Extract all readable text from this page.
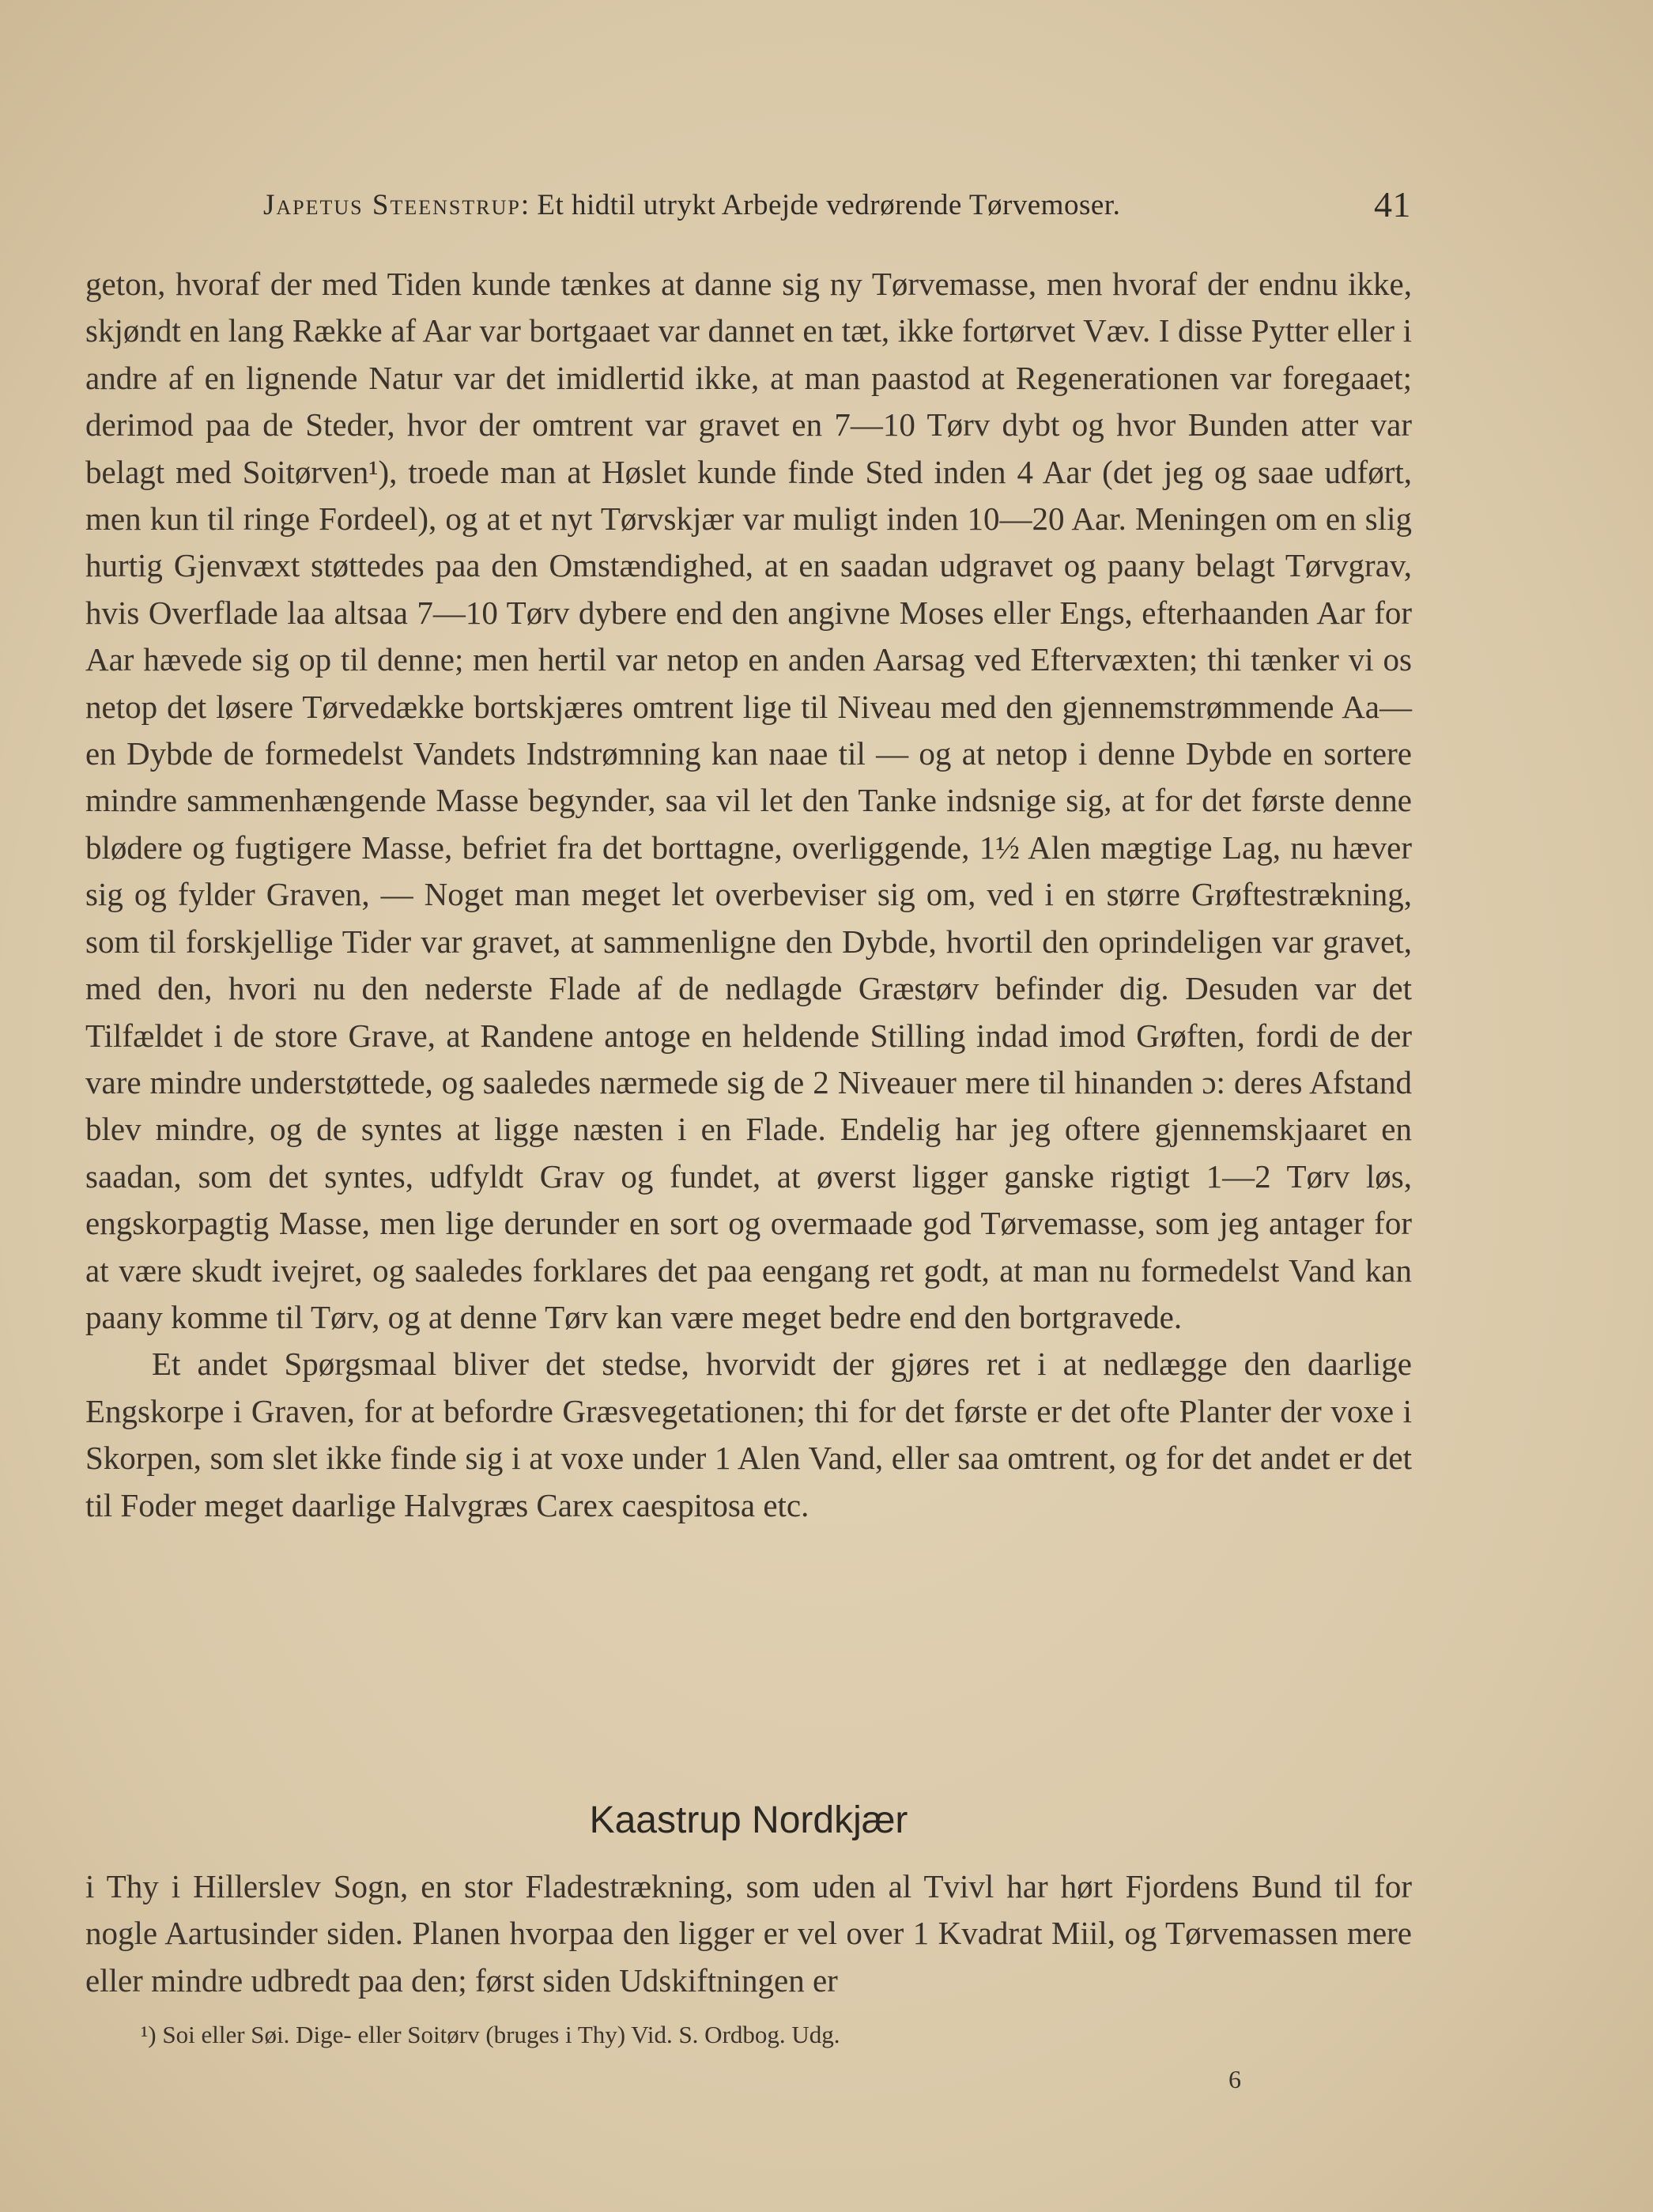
Japetus Steenstrup: Et hidtil utrykt Arbejde vedrørende Tørvemoser.	41

geton, hvoraf der med Tiden kunde tænkes at danne sig ny Tørvemasse, men hvoraf der endnu ikke, skjøndt en lang Række af Aar var bortgaaet var dannet en tæt, ikke fortørvet Væv. I disse Pytter eller i andre af en lignende Natur var det imidlertid ikke, at man paastod at Regenerationen var foregaaet; derimod paa de Steder, hvor der omtrent var gravet en 7—10 Tørv dybt og hvor Bunden atter var belagt med Soitørven¹), troede man at Høslet kunde finde Sted inden 4 Aar (det jeg og saae udført, men kun til ringe Fordeel), og at et nyt Tørvskjær var muligt inden 10—20 Aar. Meningen om en slig hurtig Gjenvæxt støttedes paa den Omstændighed, at en saadan udgravet og paany belagt Tørvgrav, hvis Overflade laa altsaa 7—10 Tørv dybere end den angivne Moses eller Engs, efterhaanden Aar for Aar hævede sig op til denne; men hertil var netop en anden Aarsag ved Eftervæxten; thi tænker vi os netop det løsere Tørvedække bortskjæres omtrent lige til Niveau med den gjennemstrømmende Aa— en Dybde de formedelst Vandets Indstrømning kan naae til — og at netop i denne Dybde en sortere mindre sammenhængende Masse begynder, saa vil let den Tanke indsnige sig, at for det første denne blødere og fugtigere Masse, befriet fra det borttagne, overliggende, 1½ Alen mægtige Lag, nu hæver sig og fylder Graven, — Noget man meget let overbeviser sig om, ved i en større Grøftestrækning, som til forskjellige Tider var gravet, at sammenligne den Dybde, hvortil den oprindeligen var gravet, med den, hvori nu den nederste Flade af de nedlagde Græstørv befinder dig. Desuden var det Tilfældet i de store Grave, at Randene antoge en heldende Stilling indad imod Grøften, fordi de der vare mindre understøttede, og saaledes nærmede sig de 2 Niveauer mere til hinanden ɔ: deres Afstand blev mindre, og de syntes at ligge næsten i en Flade. Endelig har jeg oftere gjennemskjaaret en saadan, som det syntes, udfyldt Grav og fundet, at øverst ligger ganske rigtigt 1—2 Tørv løs, engskorpagtig Masse, men lige derunder en sort og overmaade god Tørvemasse, som jeg antager for at være skudt ivejret, og saaledes forklares det paa eengang ret godt, at man nu formedelst Vand kan paany komme til Tørv, og at denne Tørv kan være meget bedre end den bortgravede.

Et andet Spørgsmaal bliver det stedse, hvorvidt der gjøres ret i at nedlægge den daarlige Engskorpe i Graven, for at befordre Græsvegetationen; thi for det første er det ofte Planter der voxe i Skorpen, som slet ikke finde sig i at voxe under 1 Alen Vand, eller saa omtrent, og for det andet er det til Foder meget daarlige Halvgræs Carex caespitosa etc.

Kaastrup Nordkjær

i Thy i Hillerslev Sogn, en stor Fladestrækning, som uden al Tvivl har hørt Fjordens Bund til for nogle Aartusinder siden. Planen hvorpaa den ligger er vel over 1 Kvadrat Miil, og Tørvemassen mere eller mindre udbredt paa den; først siden Udskiftningen er

¹) Soi eller Søi. Dige- eller Soitørv (bruges i Thy) Vid. S. Ordbog. Udg.
6
